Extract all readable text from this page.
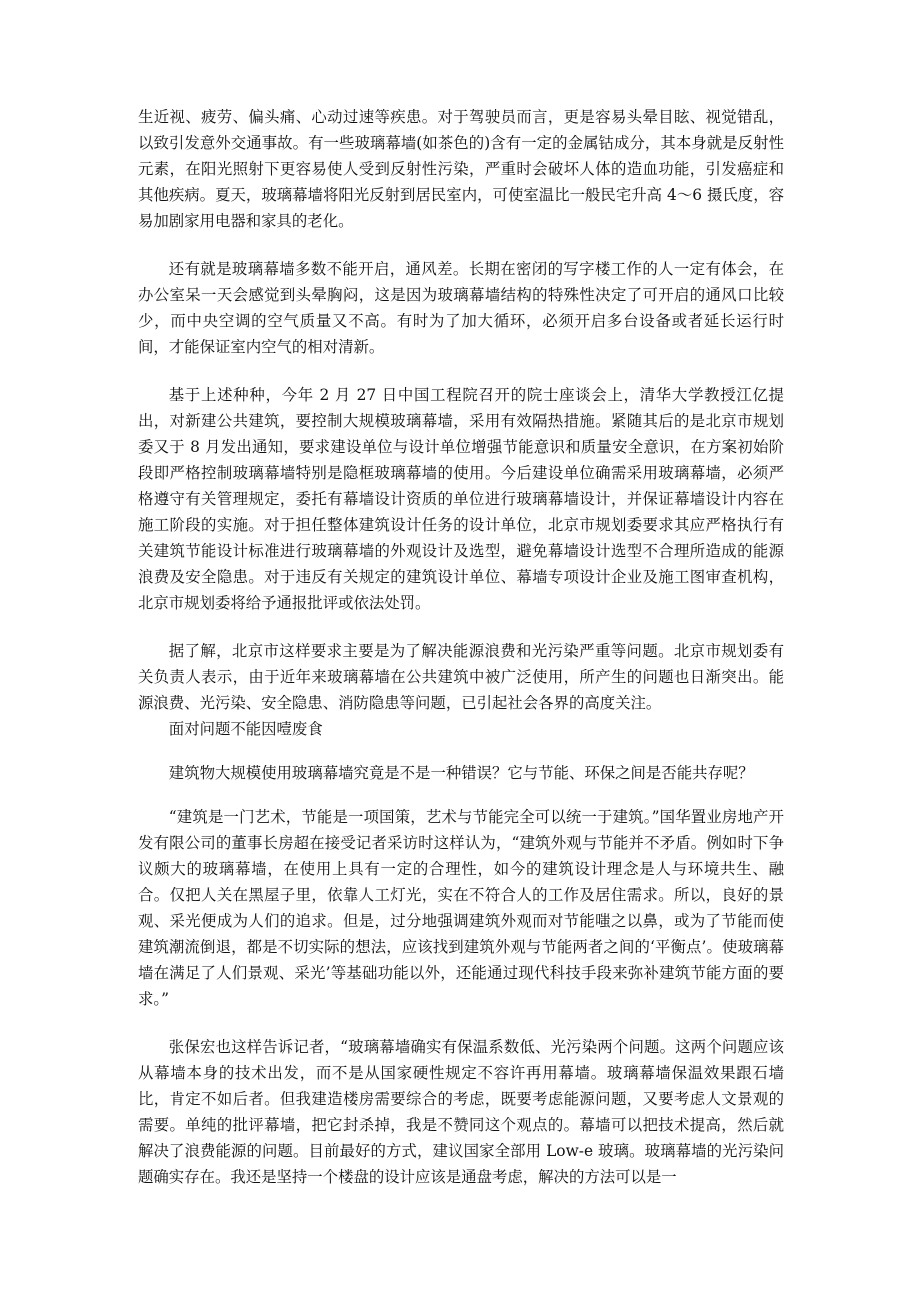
生近视、疲劳、偏头痛、心动过速等疾患。对于驾驶员而言，更是容易头晕目眩、视觉错乱，以致引发意外交通事故。有一些玻璃幕墙(如茶色的)含有一定的金属钴成分，其本身就是反射性元素，在阳光照射下更容易使人受到反射性污染，严重时会破坏人体的造血功能，引发癌症和其他疾病。夏天，玻璃幕墙将阳光反射到居民室内，可使室温比一般民宅升高 4～6 摄氏度，容易加剧家用电器和家具的老化。

还有就是玻璃幕墙多数不能开启，通风差。长期在密闭的写字楼工作的人一定有体会，在办公室呆一天会感觉到头晕胸闷，这是因为玻璃幕墙结构的特殊性决定了可开启的通风口比较少，而中央空调的空气质量又不高。有时为了加大循环，必须开启多台设备或者延长运行时间，才能保证室内空气的相对清新。

基于上述种种，今年 2 月 27 日中国工程院召开的院士座谈会上，清华大学教授江亿提出，对新建公共建筑，要控制大规模玻璃幕墙，采用有效隔热措施。紧随其后的是北京市规划委又于 8 月发出通知，要求建设单位与设计单位增强节能意识和质量安全意识，在方案初始阶段即严格控制玻璃幕墙特别是隐框玻璃幕墙的使用。今后建设单位确需采用玻璃幕墙，必须严格遵守有关管理规定，委托有幕墙设计资质的单位进行玻璃幕墙设计，并保证幕墙设计内容在施工阶段的实施。对于担任整体建筑设计任务的设计单位，北京市规划委要求其应严格执行有关建筑节能设计标准进行玻璃幕墙的外观设计及选型，避免幕墙设计选型不合理所造成的能源浪费及安全隐患。对于违反有关规定的建筑设计单位、幕墙专项设计企业及施工图审查机构，北京市规划委将给予通报批评或依法处罚。

据了解，北京市这样要求主要是为了解决能源浪费和光污染严重等问题。北京市规划委有关负责人表示，由于近年来玻璃幕墙在公共建筑中被广泛使用，所产生的问题也日渐突出。能源浪费、光污染、安全隐患、消防隐患等问题，已引起社会各界的高度关注。

面对问题不能因噎废食

建筑物大规模使用玻璃幕墙究竟是不是一种错误？它与节能、环保之间是否能共存呢？

“建筑是一门艺术，节能是一项国策，艺术与节能完全可以统一于建筑。”国华置业房地产开发有限公司的董事长房超在接受记者采访时这样认为，“建筑外观与节能并不矛盾。例如时下争议颇大的玻璃幕墙，在使用上具有一定的合理性，如今的建筑设计理念是人与环境共生、融合。仅把人关在黑屋子里，依靠人工灯光，实在不符合人的工作及居住需求。所以，良好的景观、采光便成为人们的追求。但是，过分地强调建筑外观而对节能嗤之以鼻，或为了节能而使建筑潮流倒退，都是不切实际的想法，应该找到建筑外观与节能两者之间的‘平衡点’。使玻璃幕墙在满足了人们景观、采光’等基础功能以外，还能通过现代科技手段来弥补建筑节能方面的要求。”

张保宏也这样告诉记者，“玻璃幕墙确实有保温系数低、光污染两个问题。这两个问题应该从幕墙本身的技术出发，而不是从国家硬性规定不容许再用幕墙。玻璃幕墙保温效果跟石墙比，肯定不如后者。但我建造楼房需要综合的考虑，既要考虑能源问题，又要考虑人文景观的需要。单纯的批评幕墙，把它封杀掉，我是不赞同这个观点的。幕墙可以把技术提高，然后就解决了浪费能源的问题。目前最好的方式，建议国家全部用 Low-e 玻璃。玻璃幕墙的光污染问题确实存在。我还是坚持一个楼盘的设计应该是通盘考虑，解决的方法可以是一
